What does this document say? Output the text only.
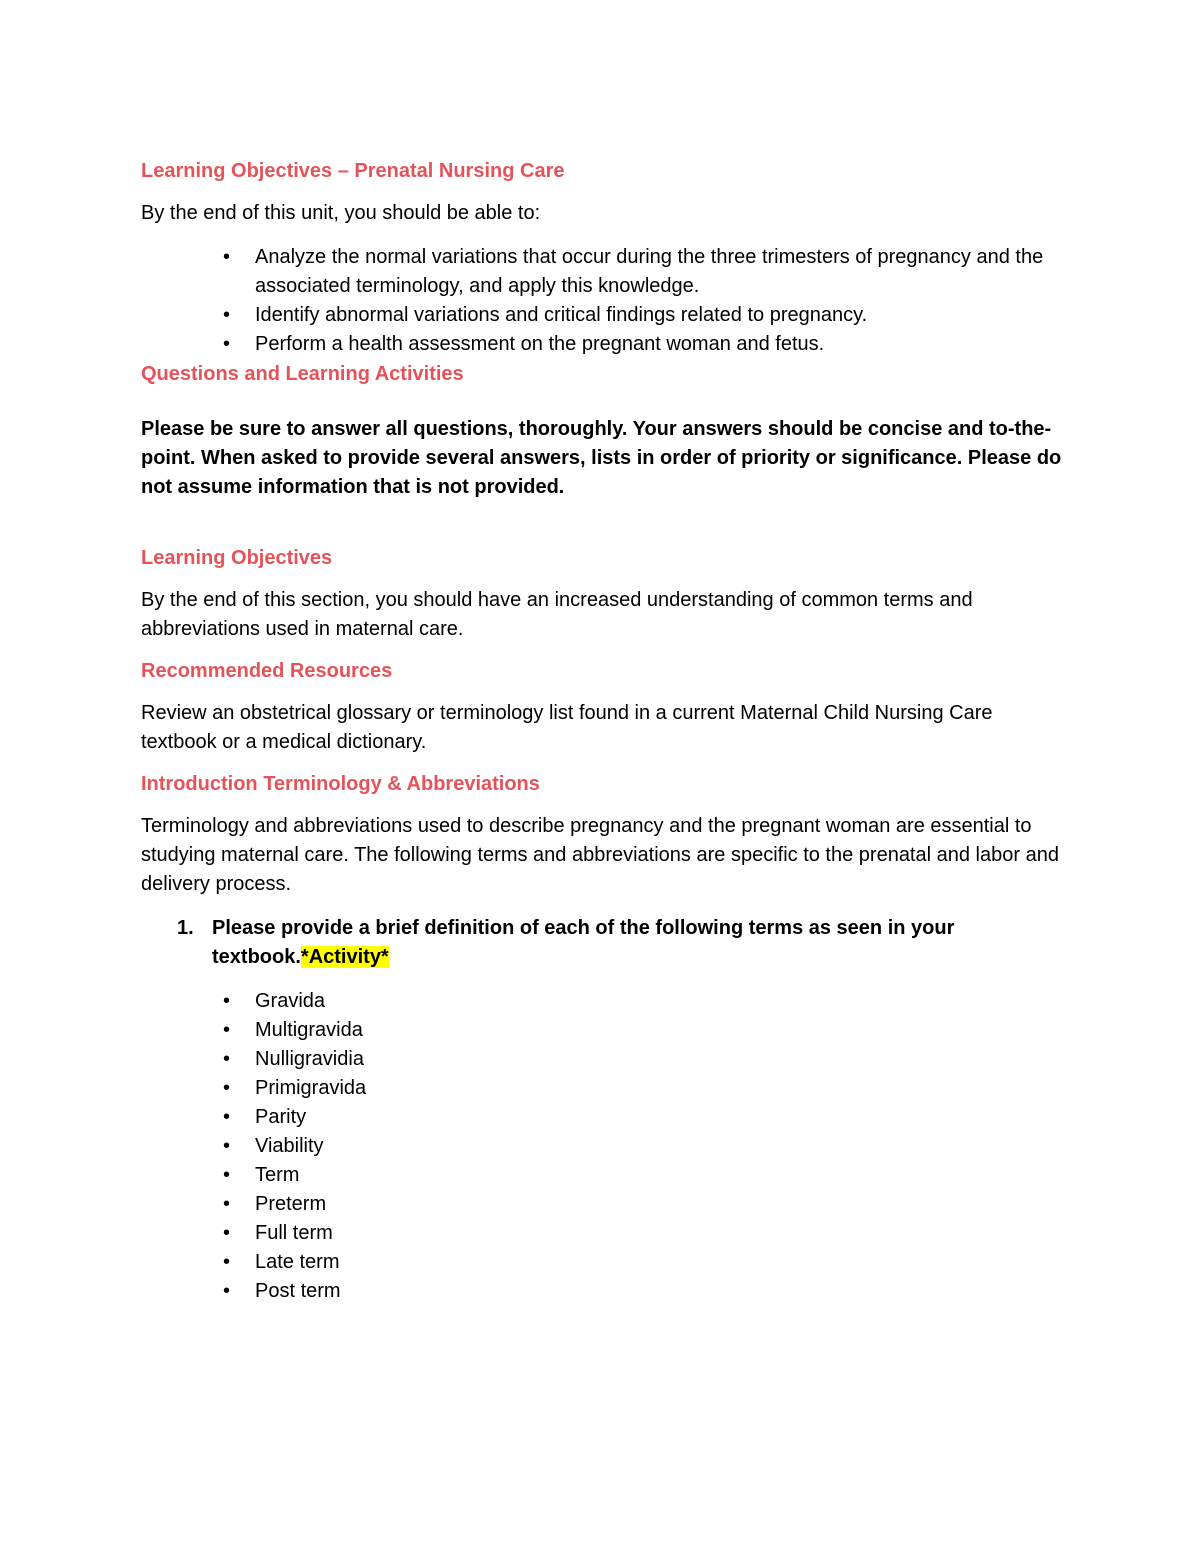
Learning Objectives – Prenatal Nursing Care

By the end of this unit, you should be able to:

• Analyze the normal variations that occur during the three trimesters of pregnancy and the associated terminology, and apply this knowledge.
• Identify abnormal variations and critical findings related to pregnancy.
• Perform a health assessment on the pregnant woman and fetus.
Questions and Learning Activities

Please be sure to answer all questions, thoroughly. Your answers should be concise and to-the-point. When asked to provide several answers, lists in order of priority or significance. Please do not assume information that is not provided.

Learning Objectives

By the end of this section, you should have an increased understanding of common terms and abbreviations used in maternal care.

Recommended Resources

Review an obstetrical glossary or terminology list found in a current Maternal Child Nursing Care textbook or a medical dictionary.

Introduction Terminology & Abbreviations

Terminology and abbreviations used to describe pregnancy and the pregnant woman are essential to studying maternal care. The following terms and abbreviations are specific to the prenatal and labor and delivery process.

1. Please provide a brief definition of each of the following terms as seen in your textbook.*Activity*
• Gravida
• Multigravida
• Nulligravidia
• Primigravida
• Parity
• Viability
• Term
• Preterm
• Full term
• Late term
• Post term
